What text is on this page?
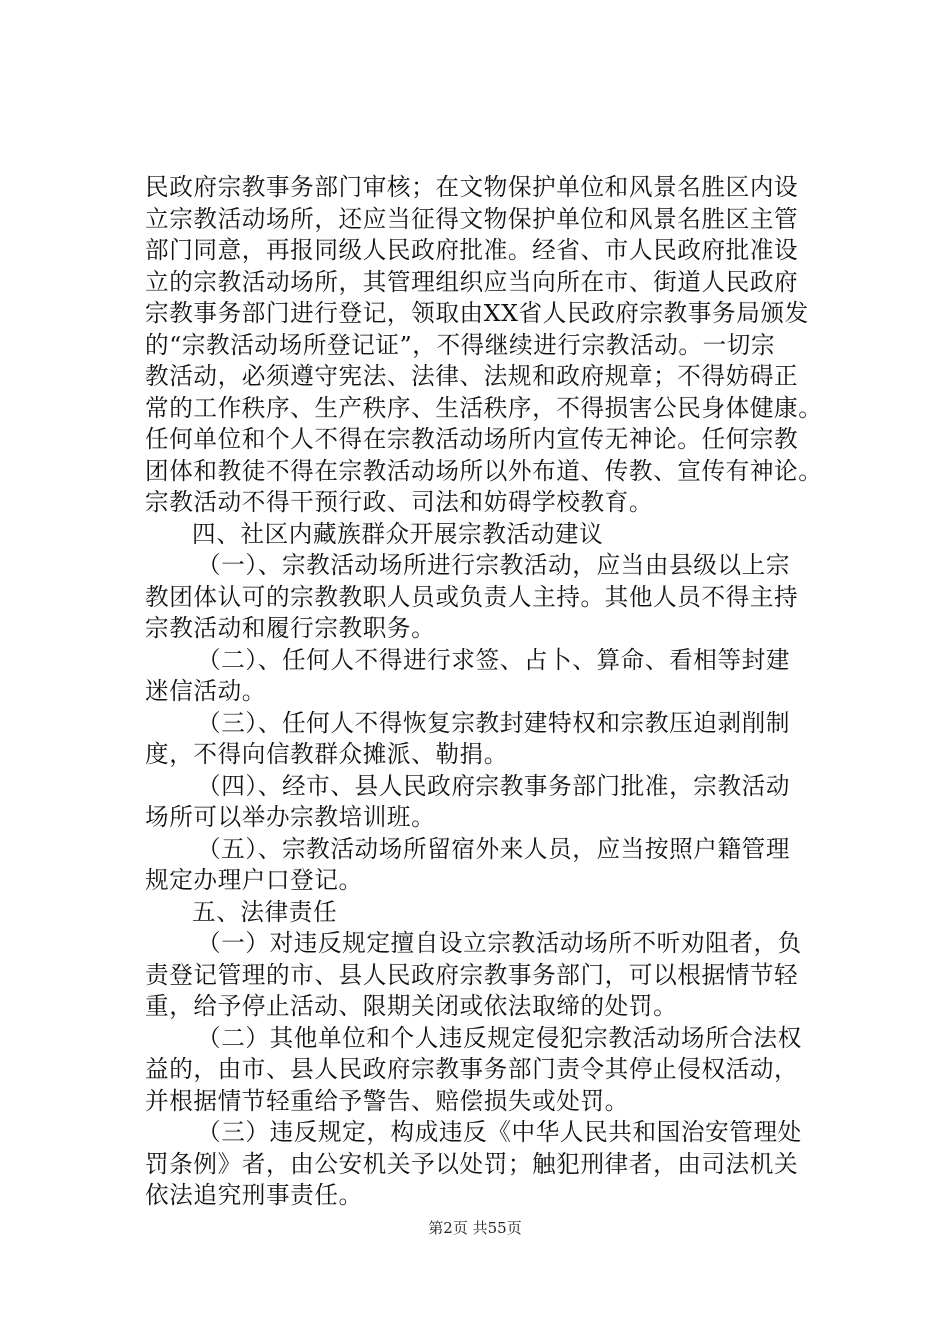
民政府宗教事务部门审核；在文物保护单位和风景名胜区内设
立宗教活动场所，还应当征得文物保护单位和风景名胜区主管
部门同意，再报同级人民政府批准。经省、市人民政府批准设
立的宗教活动场所，其管理组织应当向所在市、街道人民政府
宗教事务部门进行登记，领取由XX省人民政府宗教事务局颁发
的“宗教活动场所登记证”，不得继续进行宗教活动。一切宗
教活动，必须遵守宪法、法律、法规和政府规章；不得妨碍正
常的工作秩序、生产秩序、生活秩序，不得损害公民身体健康。
任何单位和个人不得在宗教活动场所内宣传无神论。任何宗教
团体和教徒不得在宗教活动场所以外布道、传教、宣传有神论。
宗教活动不得干预行政、司法和妨碍学校教育。
四、社区内藏族群众开展宗教活动建议
（一）、宗教活动场所进行宗教活动，应当由县级以上宗
教团体认可的宗教教职人员或负责人主持。其他人员不得主持
宗教活动和履行宗教职务。
（二）、任何人不得进行求签、占卜、算命、看相等封建
迷信活动。
（三）、任何人不得恢复宗教封建特权和宗教压迫剥削制
度，不得向信教群众摊派、勒捐。
（四）、经市、县人民政府宗教事务部门批准，宗教活动
场所可以举办宗教培训班。
（五）、宗教活动场所留宿外来人员，应当按照户籍管理
规定办理户口登记。
五、法律责任
（一）对违反规定擅自设立宗教活动场所不听劝阻者，负
责登记管理的市、县人民政府宗教事务部门，可以根据情节轻
重，给予停止活动、限期关闭或依法取缔的处罚。
（二）其他单位和个人违反规定侵犯宗教活动场所合法权
益的，由市、县人民政府宗教事务部门责令其停止侵权活动，
并根据情节轻重给予警告、赔偿损失或处罚。
（三）违反规定，构成违反《中华人民共和国治安管理处
罚条例》者，由公安机关予以处罚；触犯刑律者，由司法机关
依法追究刑事责任。
第2页 共55页
